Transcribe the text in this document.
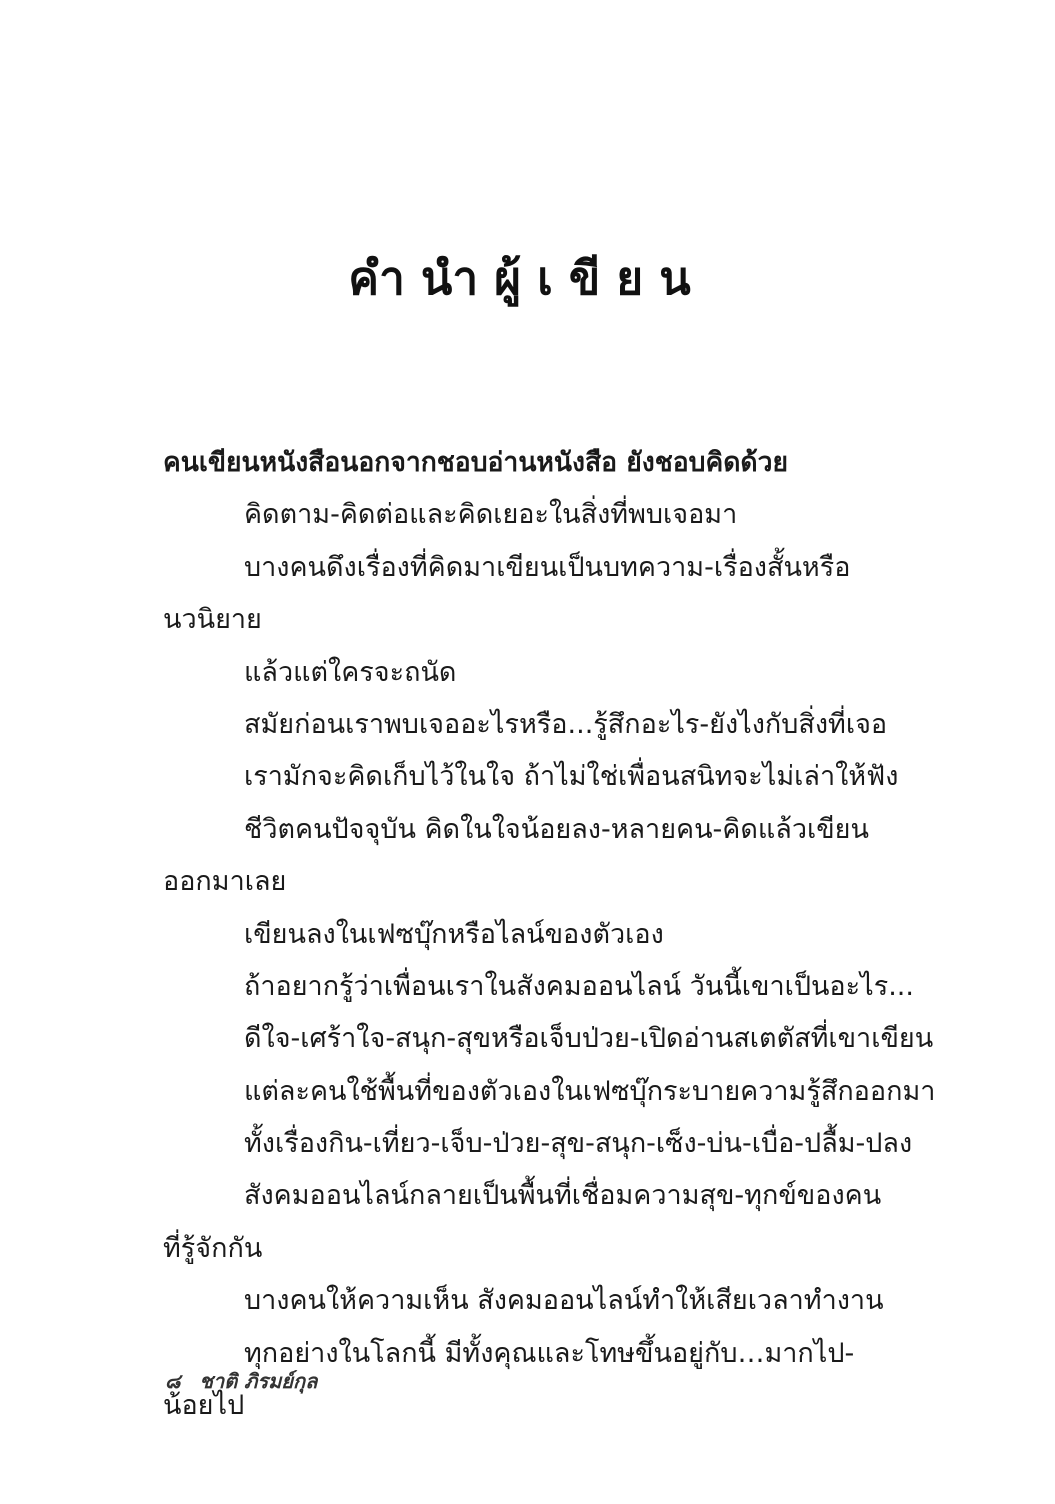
คำนำผู้เขียน
คนเขียนหนังสือนอกจากชอบอ่านหนังสือ ยังชอบคิดด้วย
คิดตาม-คิดต่อและคิดเยอะในสิ่งที่พบเจอมา
บางคนดึงเรื่องที่คิดมาเขียนเป็นบทความ-เรื่องสั้นหรือ
นวนิยาย
แล้วแต่ใครจะถนัด
สมัยก่อนเราพบเจออะไรหรือ...รู้สึกอะไร-ยังไงกับสิ่งที่เจอ
เรามักจะคิดเก็บไว้ในใจ ถ้าไม่ใช่เพื่อนสนิทจะไม่เล่าให้ฟัง
ชีวิตคนปัจจุบัน คิดในใจน้อยลง-หลายคน-คิดแล้วเขียน
ออกมาเลย
เขียนลงในเฟซบุ๊กหรือไลน์ของตัวเอง
ถ้าอยากรู้ว่าเพื่อนเราในสังคมออนไลน์ วันนี้เขาเป็นอะไร...
ดีใจ-เศร้าใจ-สนุก-สุขหรือเจ็บป่วย-เปิดอ่านสเตตัสที่เขาเขียน
แต่ละคนใช้พื้นที่ของตัวเองในเฟซบุ๊กระบายความรู้สึกออกมา
ทั้งเรื่องกิน-เที่ยว-เจ็บ-ป่วย-สุข-สนุก-เซ็ง-บ่น-เบื่อ-ปลื้ม-ปลง
สังคมออนไลน์กลายเป็นพื้นที่เชื่อมความสุข-ทุกข์ของคน
ที่รู้จักกัน
บางคนให้ความเห็น สังคมออนไลน์ทำให้เสียเวลาทำงาน
ทุกอย่างในโลกนี้ มีทั้งคุณและโทษขึ้นอยู่กับ…มากไป-
น้อยไป
๘ ชาติ ภิรมย์กุล
